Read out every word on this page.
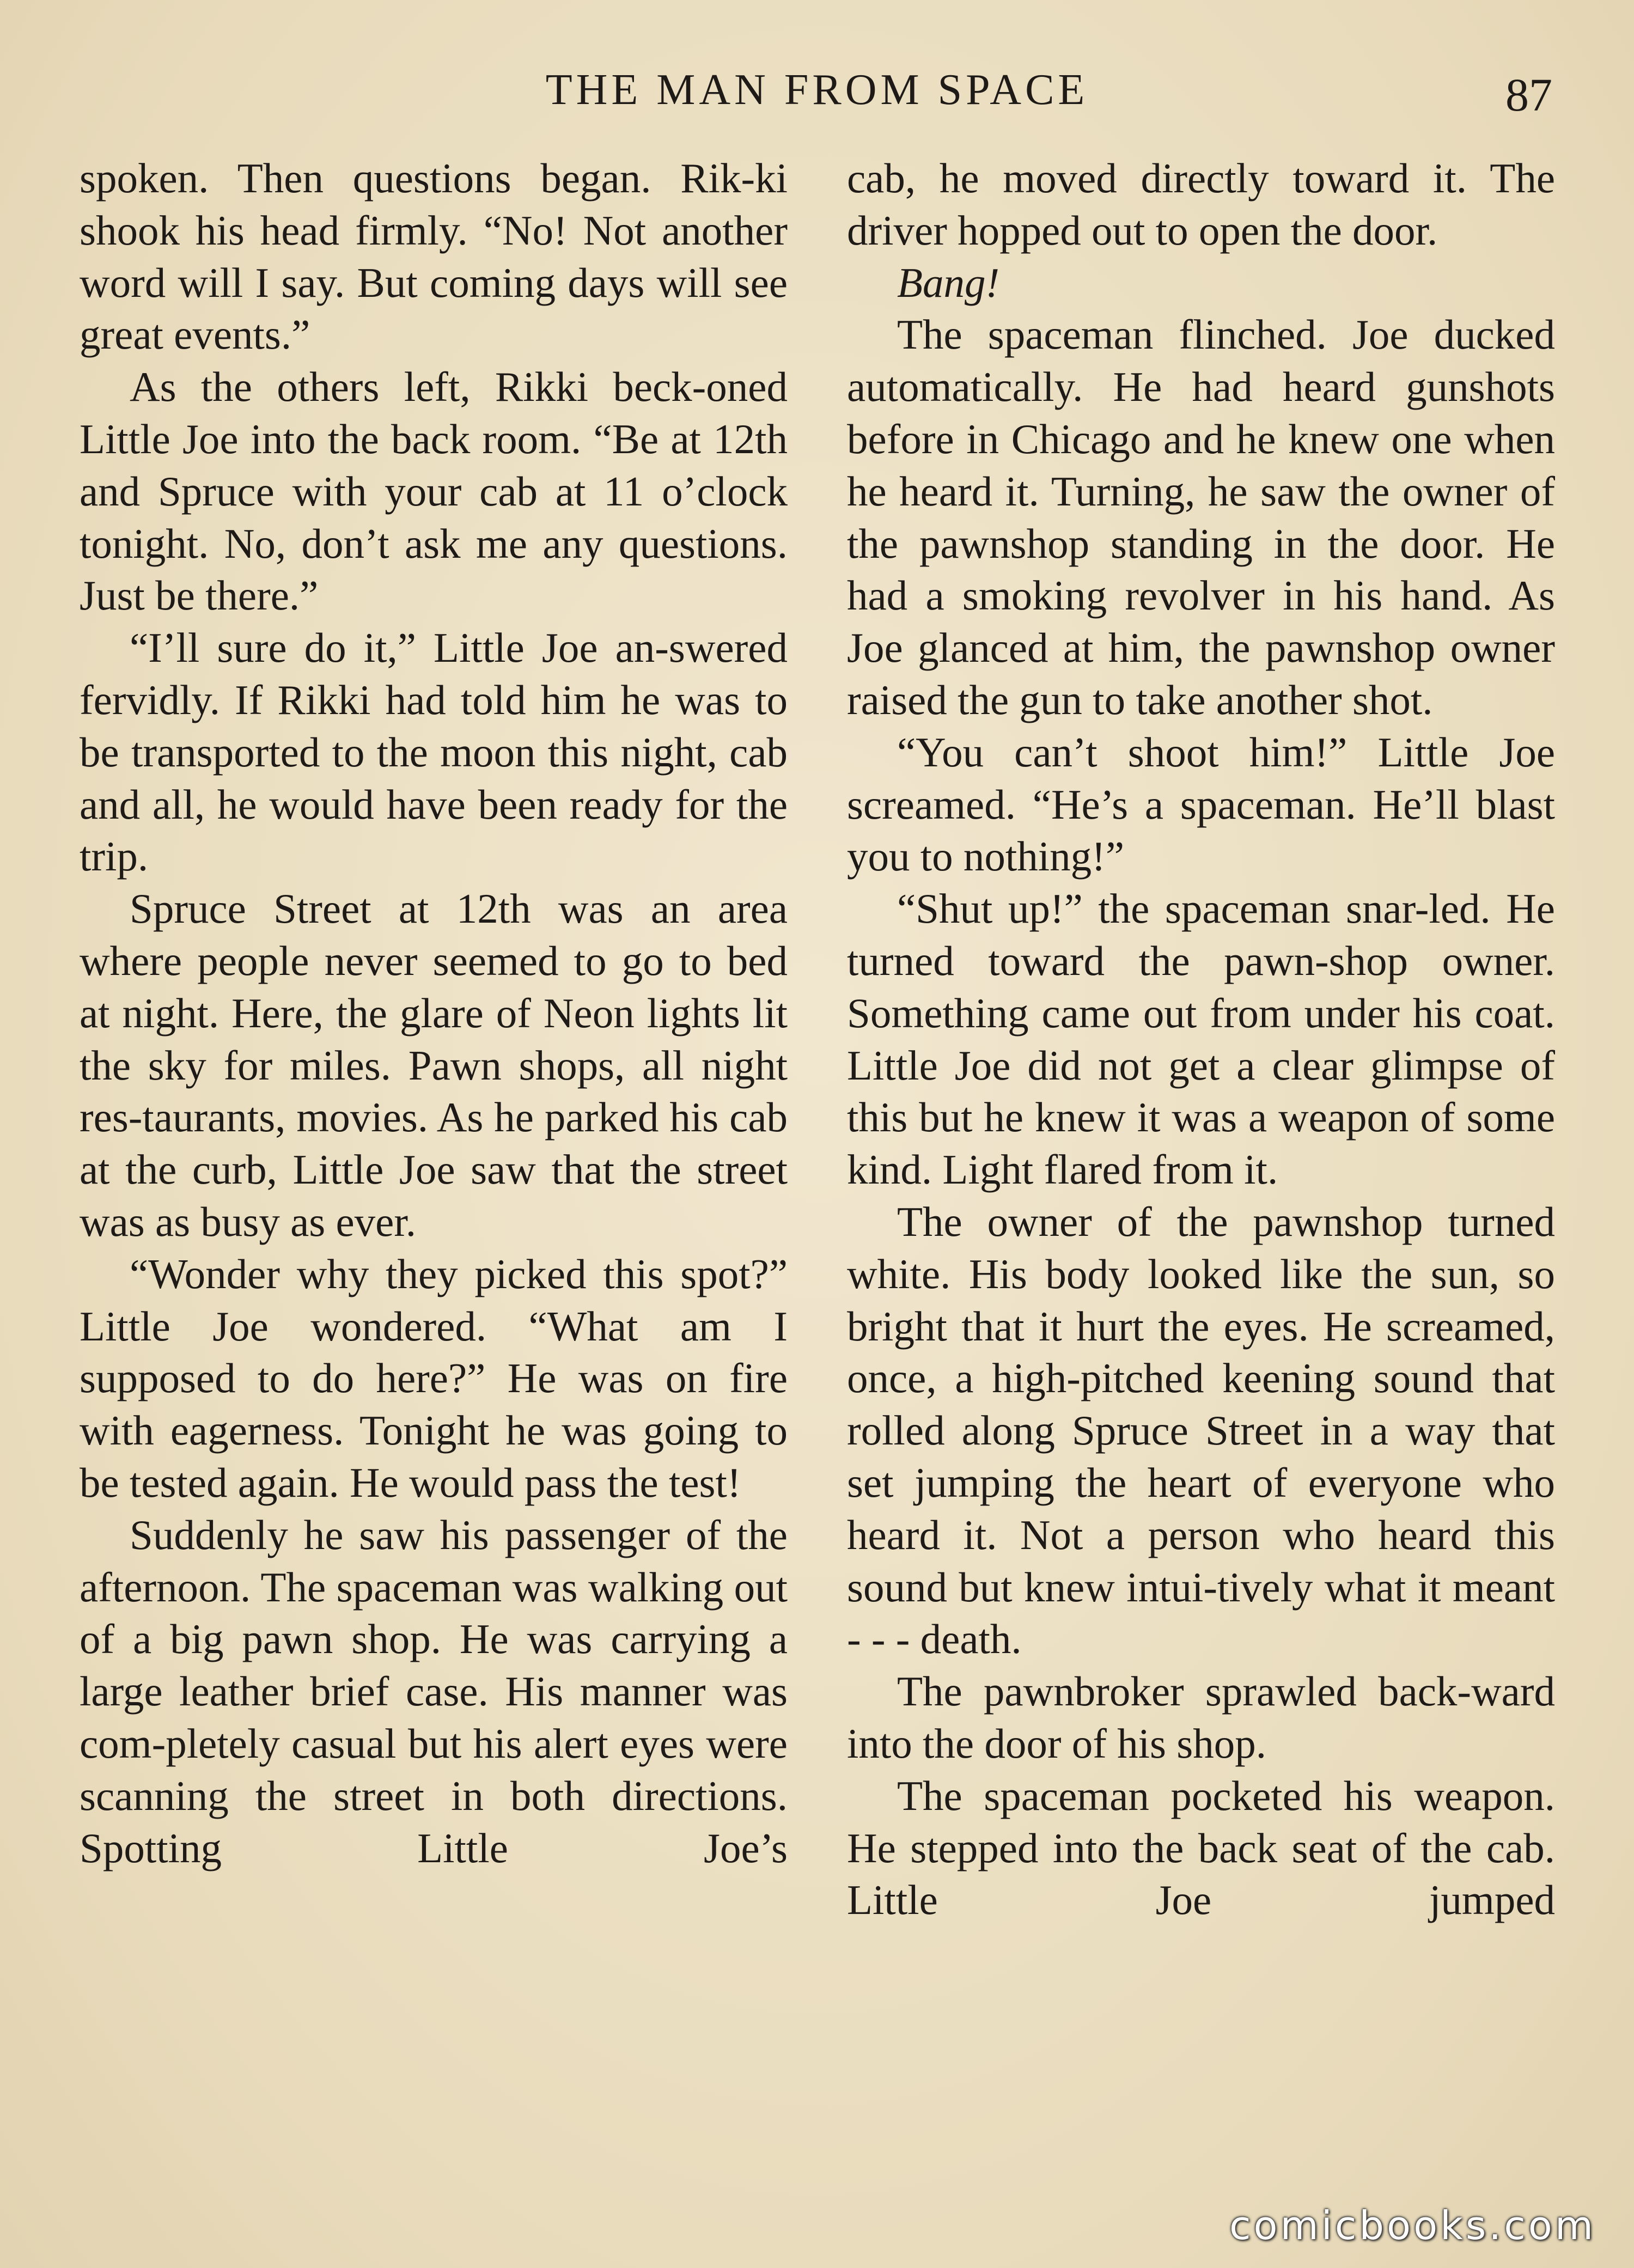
THE MAN FROM SPACE	87

spoken. Then questions began. Rik-ki shook his head firmly. “No! Not another word will I say. But coming days will see great events.”

As the others left, Rikki beck-oned Little Joe into the back room. “Be at 12th and Spruce with your cab at 11 o’clock tonight. No, don’t ask me any questions. Just be there.”

“I’ll sure do it,” Little Joe an-swered fervidly. If Rikki had told him he was to be transported to the moon this night, cab and all, he would have been ready for the trip.

Spruce Street at 12th was an area where people never seemed to go to bed at night. Here, the glare of Neon lights lit the sky for miles. Pawn shops, all night res-taurants, movies. As he parked his cab at the curb, Little Joe saw that the street was as busy as ever.

“Wonder why they picked this spot?” Little Joe wondered. “What am I supposed to do here?” He was on fire with eagerness. Tonight he was going to be tested again. He would pass the test!

Suddenly he saw his passenger of the afternoon. The spaceman was walking out of a big pawn shop. He was carrying a large leather brief case. His manner was com-pletely casual but his alert eyes were scanning the street in both directions. Spotting Little Joe’s

cab, he moved directly toward it. The driver hopped out to open the door.

Bang!

The spaceman flinched. Joe ducked automatically. He had heard gunshots before in Chicago and he knew one when he heard it. Turning, he saw the owner of the pawnshop standing in the door. He had a smoking revolver in his hand. As Joe glanced at him, the pawnshop owner raised the gun to take another shot.

“You can’t shoot him!” Little Joe screamed. “He’s a spaceman. He’ll blast you to nothing!”

“Shut up!” the spaceman snar-led. He turned toward the pawn-shop owner. Something came out from under his coat. Little Joe did not get a clear glimpse of this but he knew it was a weapon of some kind. Light flared from it.

The owner of the pawnshop turned white. His body looked like the sun, so bright that it hurt the eyes. He screamed, once, a high-pitched keening sound that rolled along Spruce Street in a way that set jumping the heart of everyone who heard it. Not a person who heard this sound but knew intui-tively what it meant - - - death.

The pawnbroker sprawled back-ward into the door of his shop.

The spaceman pocketed his weapon. He stepped into the back seat of the cab. Little Joe jumped

comicbooks.com
